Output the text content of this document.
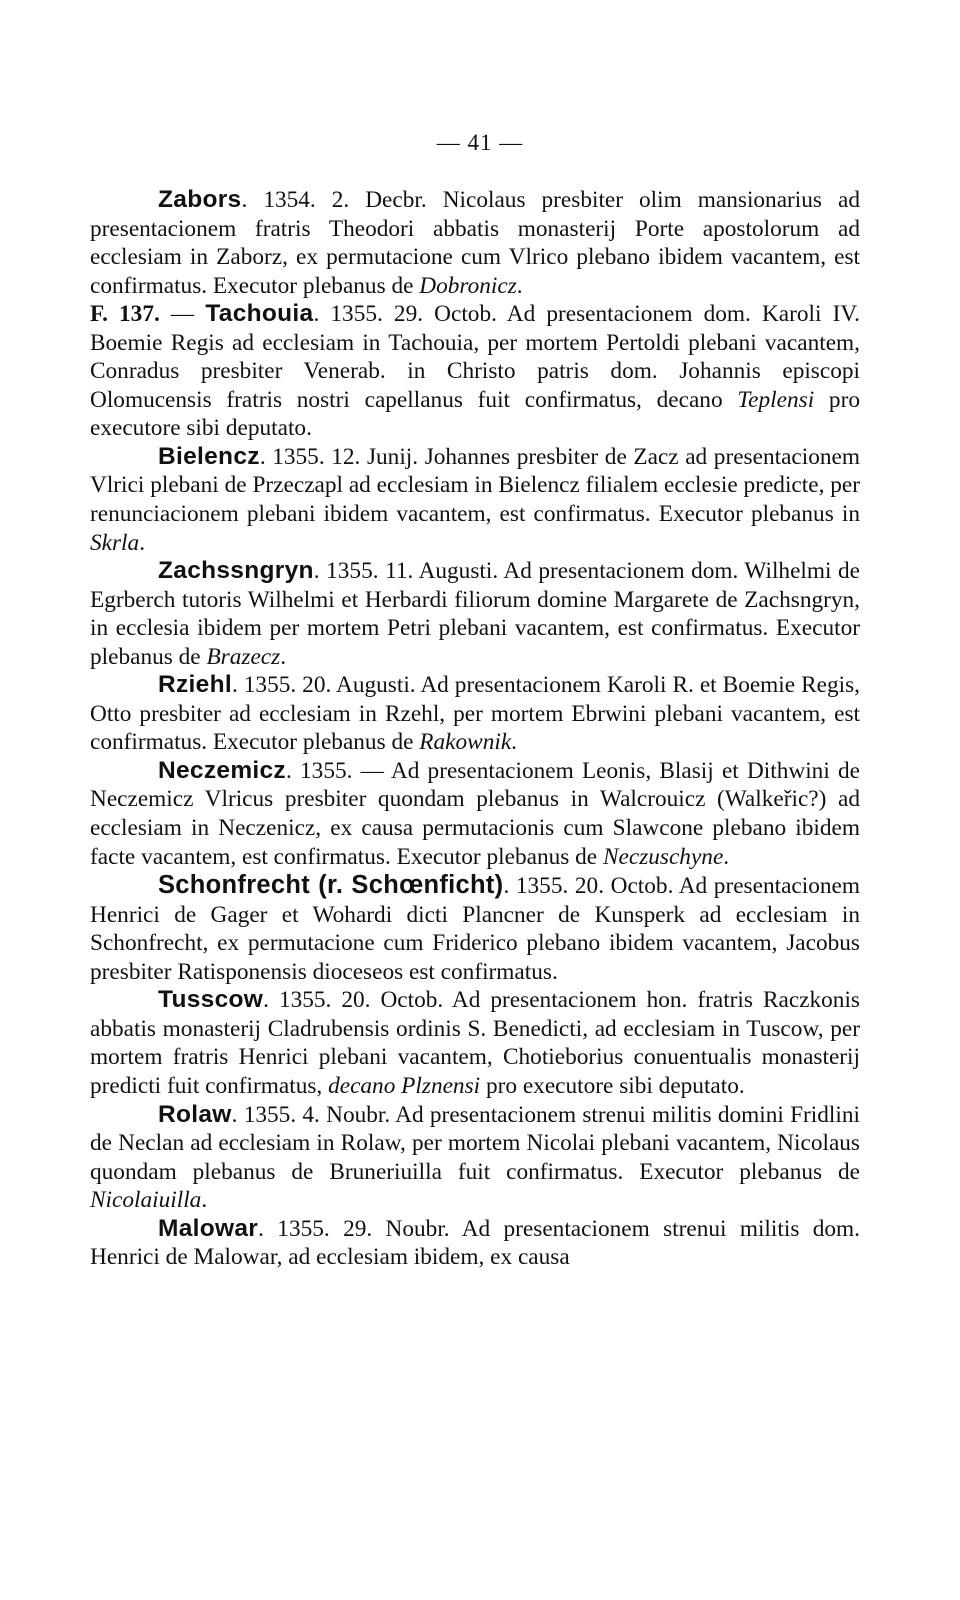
— 41 —

Zabors. 1354. 2. Decbr. Nicolaus presbiter olim mansionarius ad presentacionem fratris Theodori abbatis monasterij Porte apostolorum ad ecclesiam in Zaborz, ex permutacione cum Vlrico plebano ibidem vacantem, est confirmatus. Executor plebanus de Dobronicz.

F. 137. — Tachouia. 1355. 29. Octob. Ad presentacionem dom. Karoli IV. Boemie Regis ad ecclesiam in Tachouia, per mortem Pertoldi plebani vacantem, Conradus presbiter Venerab. in Christo patris dom. Johannis episcopi Olomucensis fratris nostri capellanus fuit confirmatus, decano Teplensi pro executore sibi deputato.

Bielencz. 1355. 12. Junij. Johannes presbiter de Zacz ad presentacionem Vlrici plebani de Przeczapl ad ecclesiam in Bielencz filialem ecclesie predicte, per renunciacionem plebani ibidem vacantem, est confirmatus. Executor plebanus in Skrla.

Zachssngryn. 1355. 11. Augusti. Ad presentacionem dom. Wilhelmi de Egrberch tutoris Wilhelmi et Herbardi filiorum domine Margarete de Zachsngryn, in ecclesia ibidem per mortem Petri plebani vacantem, est confirmatus. Executor plebanus de Brazecz.

Rziehl. 1355. 20. Augusti. Ad presentacionem Karoli R. et Boemie Regis, Otto presbiter ad ecclesiam in Rzehl, per mortem Ebrwini plebani vacantem, est confirmatus. Executor plebanus de Rakownik.

Neczemicz. 1355. — Ad presentacionem Leonis, Blasij et Dithwini de Neczemicz Vlricus presbiter quondam plebanus in Walcrouicz (Walkeřic?) ad ecclesiam in Neczenicz, ex causa permutacionis cum Slawcone plebano ibidem facte vacantem, est confirmatus. Executor plebanus de Neczuschyne.

Schonfrecht (r. Schœnficht). 1355. 20. Octob. Ad presentacionem Henrici de Gager et Wohardi dicti Plancner de Kunsperk ad ecclesiam in Schonfrecht, ex permutacione cum Friderico plebano ibidem vacantem, Jacobus presbiter Ratisponensis dioceseos est confirmatus.

Tusscow. 1355. 20. Octob. Ad presentacionem hon. fratris Raczkonis abbatis monasterij Cladrubensis ordinis S. Benedicti, ad ecclesiam in Tuscow, per mortem fratris Henrici plebani vacantem, Chotieborius conuentualis monasterij predicti fuit confirmatus, decano Plznensi pro executore sibi deputato.

Rolaw. 1355. 4. Noubr. Ad presentacionem strenui militis domini Fridlini de Neclan ad ecclesiam in Rolaw, per mortem Nicolai plebani vacantem, Nicolaus quondam plebanus de Bruneriuilla fuit confirmatus. Executor plebanus de Nicolaiuilla.

Malowar. 1355. 29. Noubr. Ad presentacionem strenui militis dom. Henrici de Malowar, ad ecclesiam ibidem, ex causa
